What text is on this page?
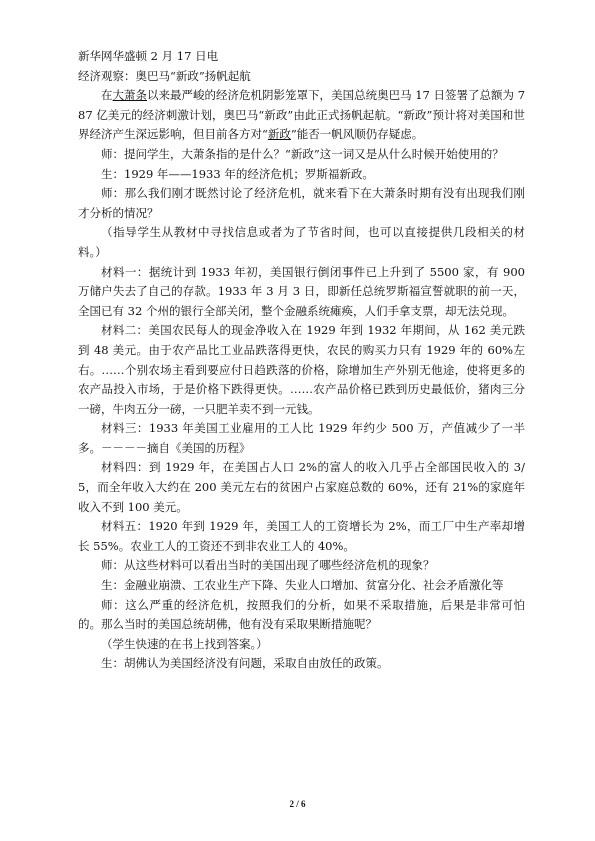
新华网华盛顿 2 月 17 日电

经济观察：奥巴马“新政”扬帆起航

在大萧条以来最严峻的经济危机阴影笼罩下，美国总统奥巴马 17 日签署了总额为 787 亿美元的经济刺激计划，奥巴马“新政”由此正式扬帆起航。“新政”预计将对美国和世界经济产生深远影响，但目前各方对“新政”能否一帆风顺仍存疑虑。

师：提问学生，大萧条指的是什么？“新政”这一词又是从什么时候开始使用的？

生：1929 年——1933 年的经济危机；罗斯福新政。

师：那么我们刚才既然讨论了经济危机，就来看下在大萧条时期有没有出现我们刚才分析的情况？

（指导学生从教材中寻找信息或者为了节省时间，也可以直接提供几段相关的材料。）

材料一：据统计到 1933 年初，美国银行倒闭事件已上升到了 5500 家，有 900 万储户失去了自己的存款。1933 年 3 月 3 日，即新任总统罗斯福宣誓就职的前一天，全国已有 32 个州的银行全部关闭，整个金融系统瘫痪，人们手拿支票，却无法兑现。

材料二：美国农民每人的现金净收入在 1929 年到 1932 年期间，从 162 美元跌到 48 美元。由于农产品比工业品跌落得更快，农民的购买力只有 1929 年的 60%左右。……个别农场主看到要应付日趋跌落的价格，除增加生产外别无他途，使将更多的农产品投入市场，于是价格下跌得更快。……农产品价格已跌到历史最低价，猪肉三分一磅，牛肉五分一磅，一只肥羊卖不到一元钱。

材料三：1933 年美国工业雇用的工人比 1929 年约少 500 万，产值减少了一半多。－－－－摘自《美国的历程》

材料四：到 1929 年，在美国占人口 2%的富人的收入几乎占全部国民收入的 3/5，而全年收入大约在 200 美元左右的贫困户占家庭总数的 60%，还有 21%的家庭年收入不到 100 美元。

材料五：1920 年到 1929 年，美国工人的工资增长为 2%，而工厂中生产率却增长 55%。农业工人的工资还不到非农业工人的 40%。

师：从这些材料可以看出当时的美国出现了哪些经济危机的现象？

生：金融业崩溃、工农业生产下降、失业人口增加、贫富分化、社会矛盾激化等

师：这么严重的经济危机，按照我们的分析，如果不采取措施，后果是非常可怕的。那么当时的美国总统胡佛，他有没有采取果断措施呢？

（学生快速的在书上找到答案。）

生：胡佛认为美国经济没有问题，采取自由放任的政策。

2 / 6
